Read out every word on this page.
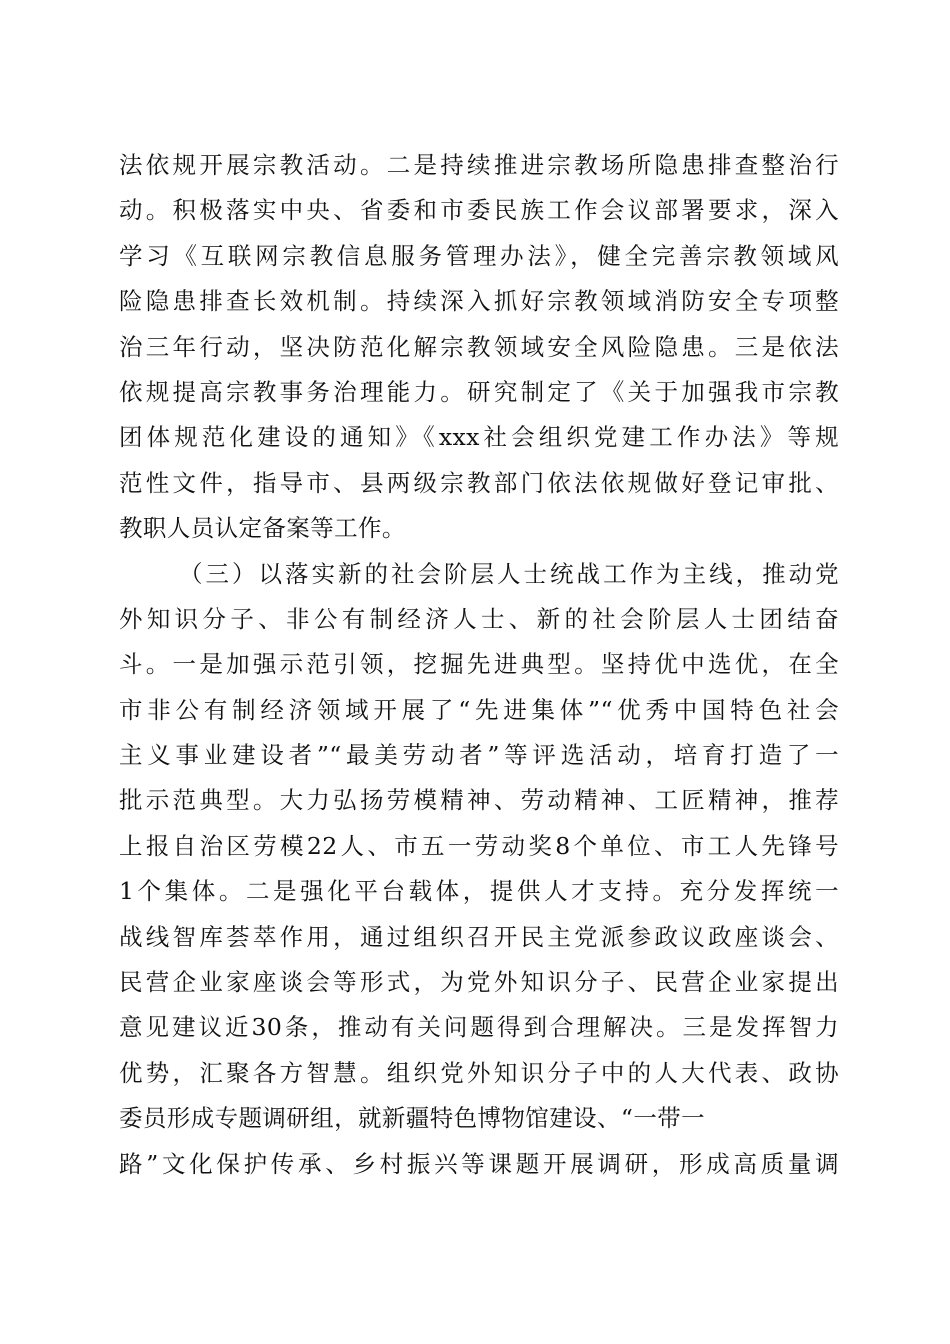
法依规开展宗教活动。二是持续推进宗教场所隐患排查整治行
动。积极落实中央、省委和市委民族工作会议部署要求，深入
学习《互联网宗教信息服务管理办法》，健全完善宗教领域风
险隐患排查长效机制。持续深入抓好宗教领域消防安全专项整
治三年行动，坚决防范化解宗教领域安全风险隐患。三是依法
依规提高宗教事务治理能力。研究制定了《关于加强我市宗教
团体规范化建设的通知》《xxx社会组织党建工作办法》等规
范性文件，指导市、县两级宗教部门依法依规做好登记审批、
教职人员认定备案等工作。
（三）以落实新的社会阶层人士统战工作为主线，推动党
外知识分子、非公有制经济人士、新的社会阶层人士团结奋
斗。一是加强示范引领，挖掘先进典型。坚持优中选优，在全
市非公有制经济领域开展了“先进集体”“优秀中国特色社会
主义事业建设者”“最美劳动者”等评选活动，培育打造了一
批示范典型。大力弘扬劳模精神、劳动精神、工匠精神，推荐
上报自治区劳模22人、市五一劳动奖8个单位、市工人先锋号
1个集体。二是强化平台载体，提供人才支持。充分发挥统一
战线智库荟萃作用，通过组织召开民主党派参政议政座谈会、
民营企业家座谈会等形式，为党外知识分子、民营企业家提出
意见建议近30条，推动有关问题得到合理解决。三是发挥智力
优势，汇聚各方智慧。组织党外知识分子中的人大代表、政协
委员形成专题调研组，就新疆特色博物馆建设、“一带一
路”文化保护传承、乡村振兴等课题开展调研，形成高质量调
